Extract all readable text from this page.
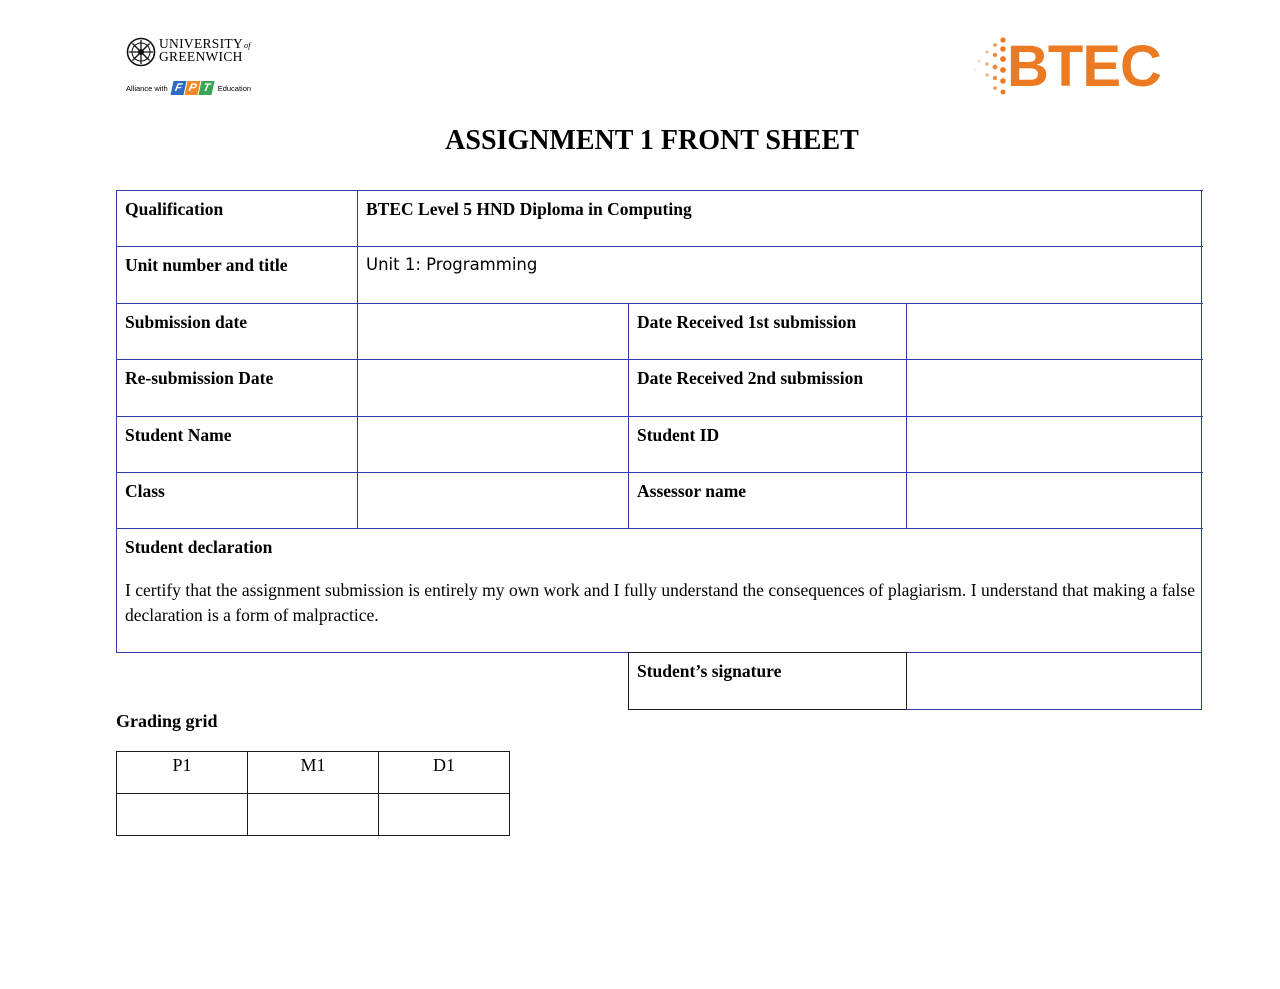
UNIVERSITYof
GREENWICH
Alliance with F P T Education	BTEC
ASSIGNMENT 1 FRONT SHEET
Qualification	BTEC Level 5 HND Diploma in Computing
Unit number and title	Unit 1: Programming
Submission date	Date Received 1st submission
Re-submission Date	Date Received 2nd submission
Student Name	Student ID
Class	Assessor name
Student declaration
I certify that the assignment submission is entirely my own work and I fully understand the consequences of plagiarism. I understand that making a false declaration is a form of malpractice.
Student’s signature
Grading grid
P1	M1	D1
